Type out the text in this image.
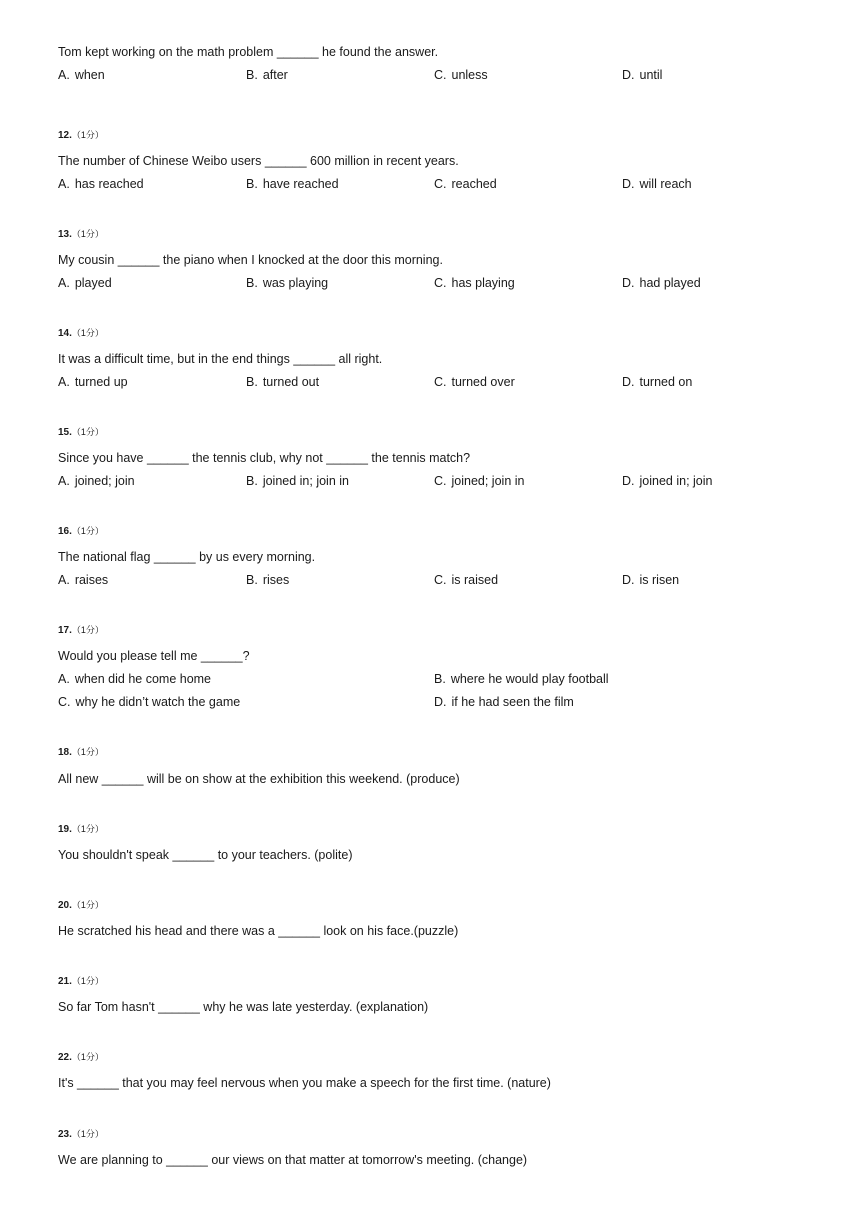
Tom kept working on the math problem ______ he found the answer.
A. when	B. after	C. unless	D. until
12.（1分）
The number of Chinese Weibo users ______ 600 million in recent years.
A. has reached	B. have reached	C. reached	D. will reach
13.（1分）
My cousin ______ the piano when I knocked at the door this morning.
A. played	B. was playing	C. has playing	D. had played
14.（1分）
It was a difficult time, but in the end things ______ all right.
A. turned up	B. turned out	C. turned over	D. turned on
15.（1分）
Since you have ______ the tennis club, why not ______ the tennis match?
A. joined; join	B. joined in; join in	C. joined; join in	D. joined in; join
16.（1分）
The national flag ______ by us every morning.
A. raises	B. rises	C. is raised	D. is risen
17.（1分）
Would you please tell me ______?
A. when did he come home	B. where he would play football
C. why he didn’t watch the game	D. if he had seen the film
18.（1分）
All new ______ will be on show at the exhibition this weekend. (produce)
19.（1分）
You shouldn't speak ______ to your teachers. (polite)
20.（1分）
He scratched his head and there was a ______ look on his face.(puzzle)
21.（1分）
So far Tom hasn't ______ why he was late yesterday. (explanation)
22.（1分）
It's ______ that you may feel nervous when you make a speech for the first time. (nature)
23.（1分）
We are planning to ______ our views on that matter at tomorrow's meeting. (change)
